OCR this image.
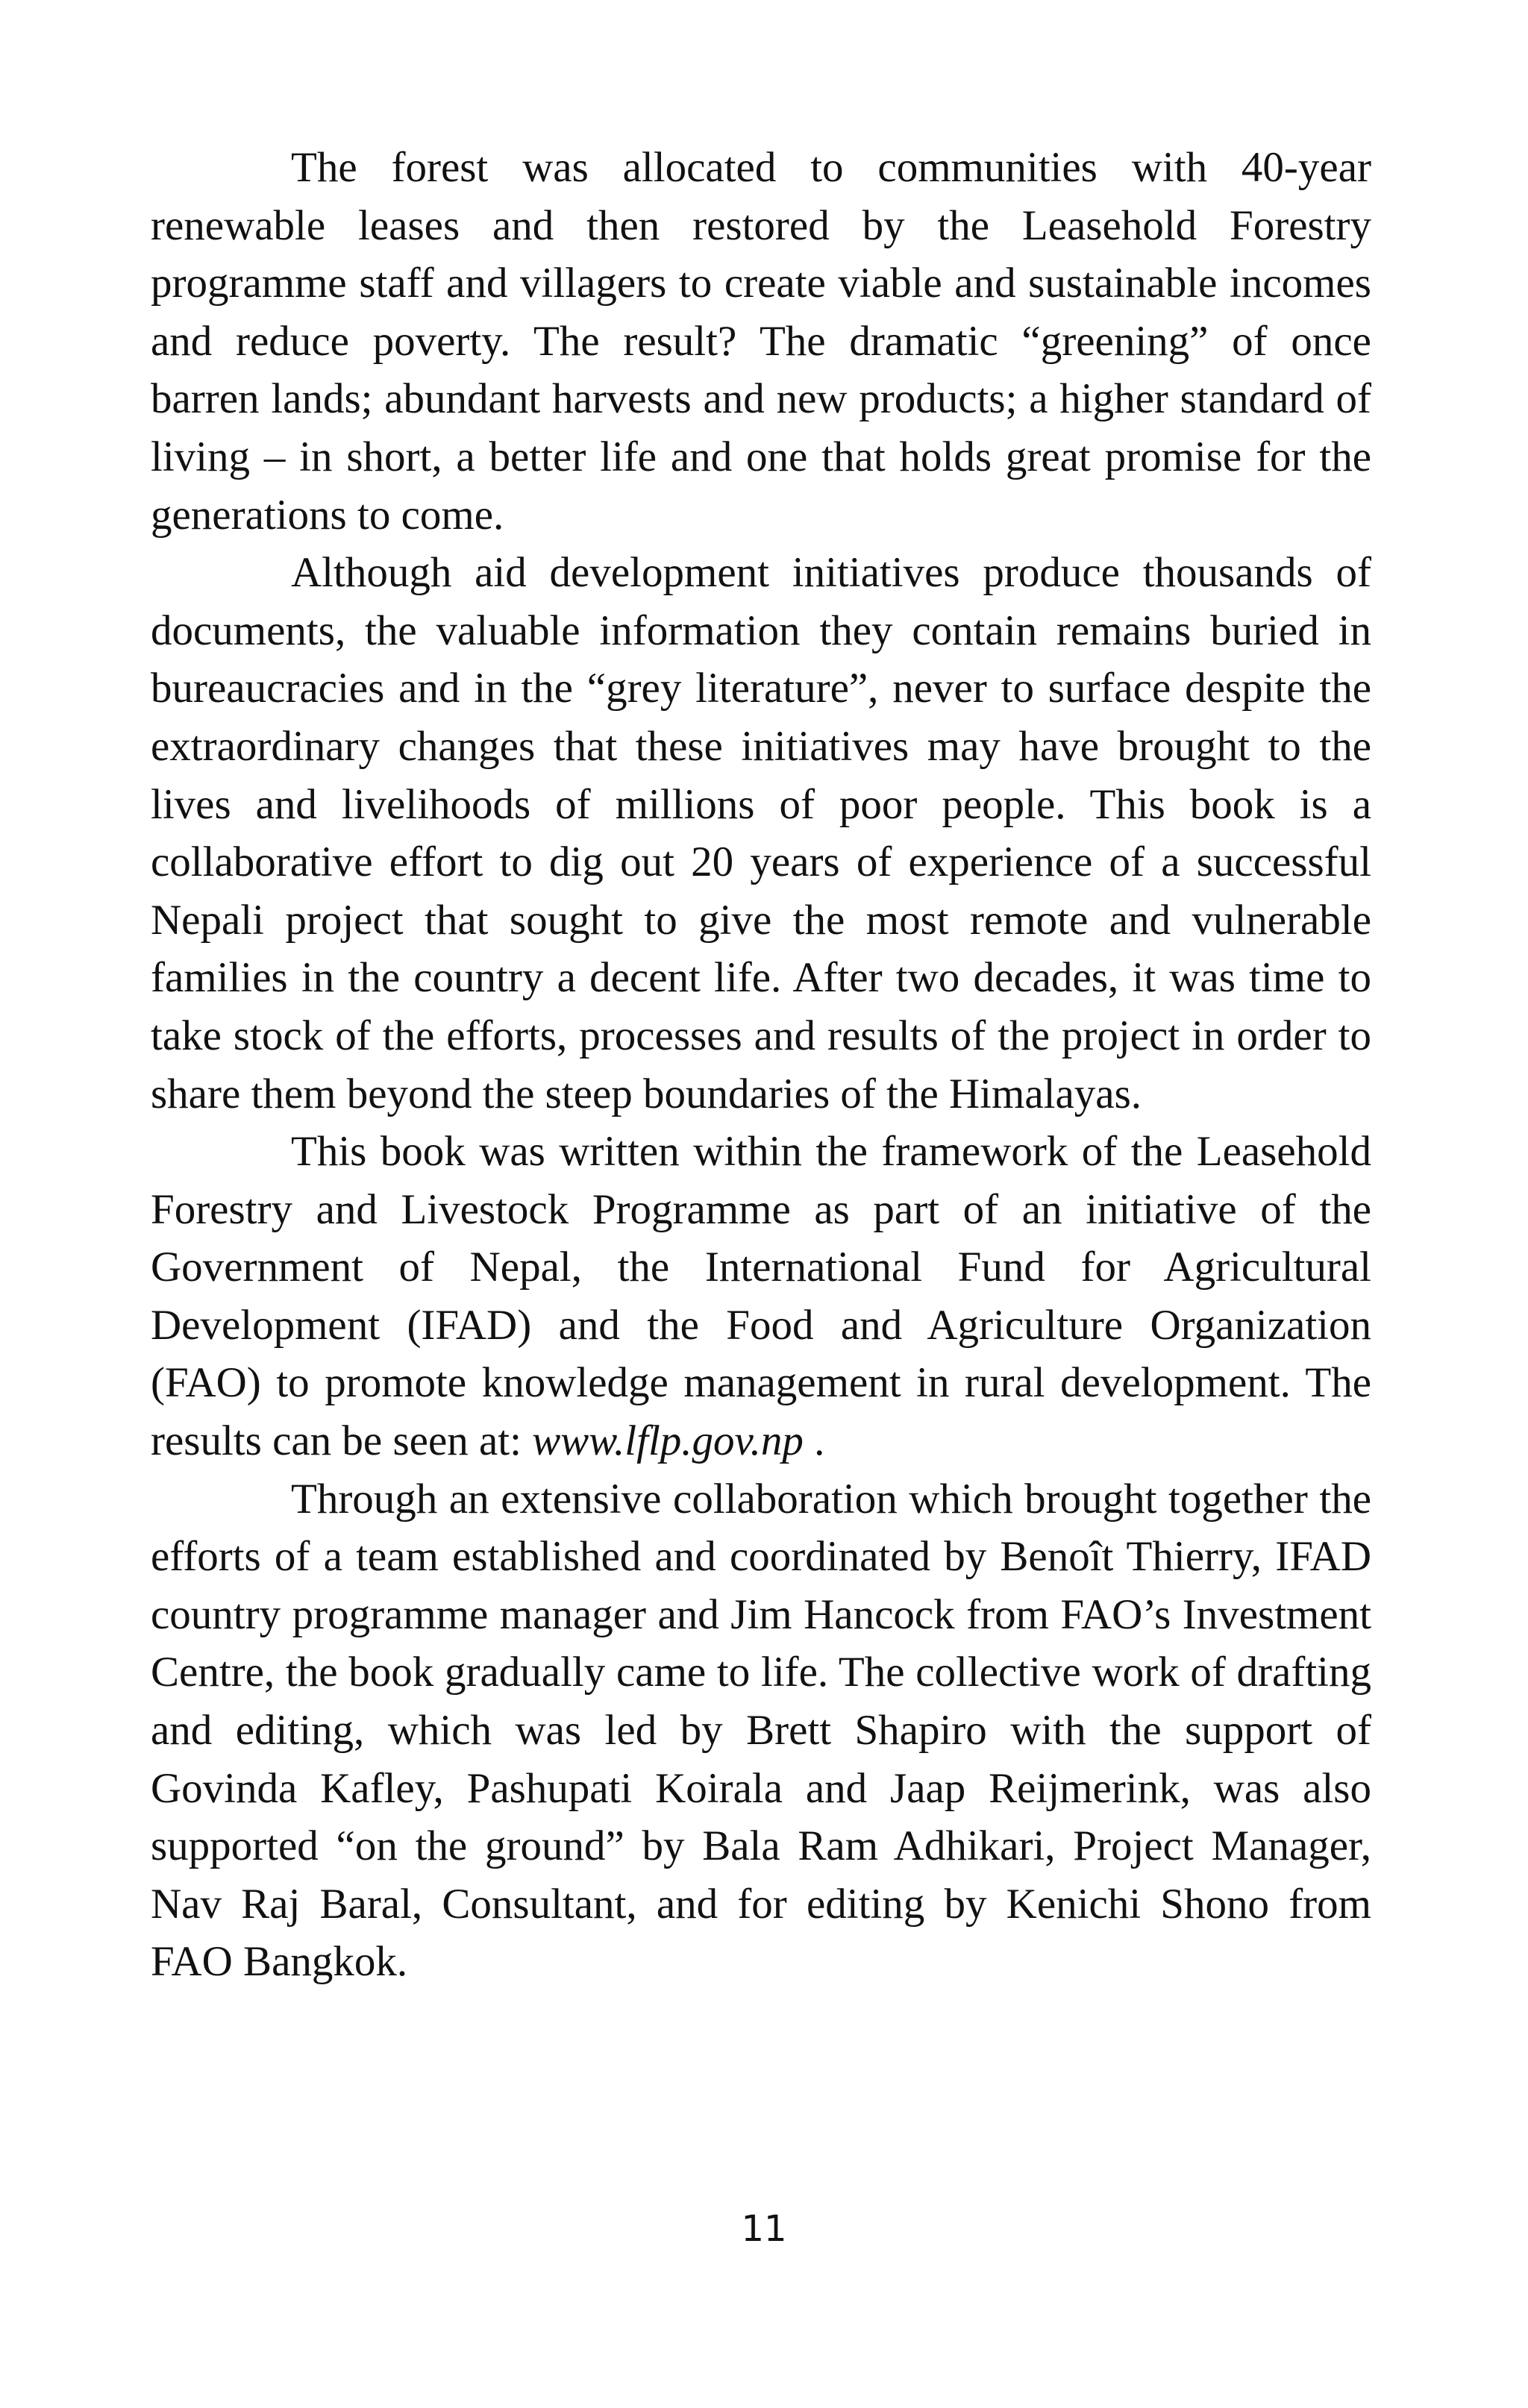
The forest was allocated to communities with 40-year renewable leases and then restored by the Leasehold Forestry programme staff and villagers to create viable and sustainable incomes and reduce poverty. The result? The dramatic “greening” of once barren lands; abundant harvests and new products; a higher standard of living – in short, a better life and one that holds great promise for the generations to come.

Although aid development initiatives produce thousands of documents, the valuable information they contain remains buried in bureaucracies and in the “grey literature”, never to surface despite the extraordinary changes that these initiatives may have brought to the lives and livelihoods of millions of poor people. This book is a collaborative effort to dig out 20 years of experience of a successful Nepali project that sought to give the most remote and vulnerable families in the country a decent life. After two decades, it was time to take stock of the efforts, processes and results of the project in order to share them beyond the steep boundaries of the Himalayas.

This book was written within the framework of the Leasehold Forestry and Livestock Programme as part of an initiative of the Government of Nepal, the International Fund for Agricultural Development (IFAD) and the Food and Agriculture Organization (FAO) to promote knowledge management in rural development. The results can be seen at: www.lflp.gov.np .

Through an extensive collaboration which brought together the efforts of a team established and coordinated by Benoît Thierry, IFAD country programme manager and Jim Hancock from FAO’s Investment Centre, the book gradually came to life. The collective work of drafting and editing, which was led by Brett Shapiro with the support of Govinda Kafley, Pashupati Koirala and Jaap Reijmerink, was also supported “on the ground” by Bala Ram Adhikari, Project Manager, Nav Raj Baral, Consultant, and for editing by Kenichi Shono from FAO Bangkok.

11
